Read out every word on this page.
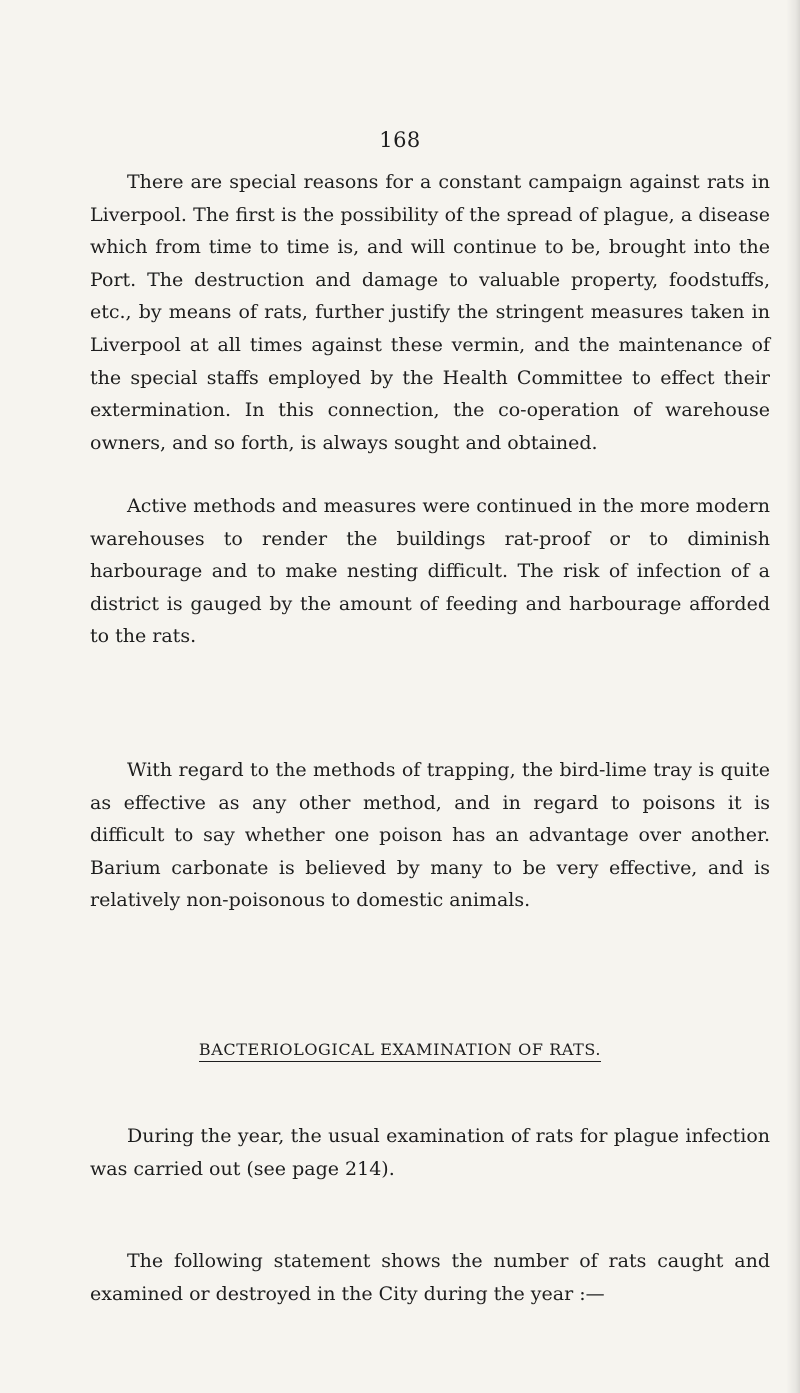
168

There are special reasons for a constant campaign against rats in Liverpool. The first is the possibility of the spread of plague, a disease which from time to time is, and will continue to be, brought into the Port. The destruction and damage to valuable property, foodstuffs, etc., by means of rats, further justify the stringent measures taken in Liverpool at all times against these vermin, and the maintenance of the special staffs employed by the Health Committee to effect their extermination. In this connection, the co-operation of warehouse owners, and so forth, is always sought and obtained.

Active methods and measures were continued in the more modern warehouses to render the buildings rat-proof or to diminish harbourage and to make nesting difficult. The risk of infection of a district is gauged by the amount of feeding and harbourage afforded to the rats.

With regard to the methods of trapping, the bird-lime tray is quite as effective as any other method, and in regard to poisons it is difficult to say whether one poison has an advantage over another. Barium carbonate is believed by many to be very effective, and is relatively non-poisonous to domestic animals.

BACTERIOLOGICAL EXAMINATION OF RATS.

During the year, the usual examination of rats for plague infection was carried out (see page 214).

The following statement shows the number of rats caught and examined or destroyed in the City during the year :—
